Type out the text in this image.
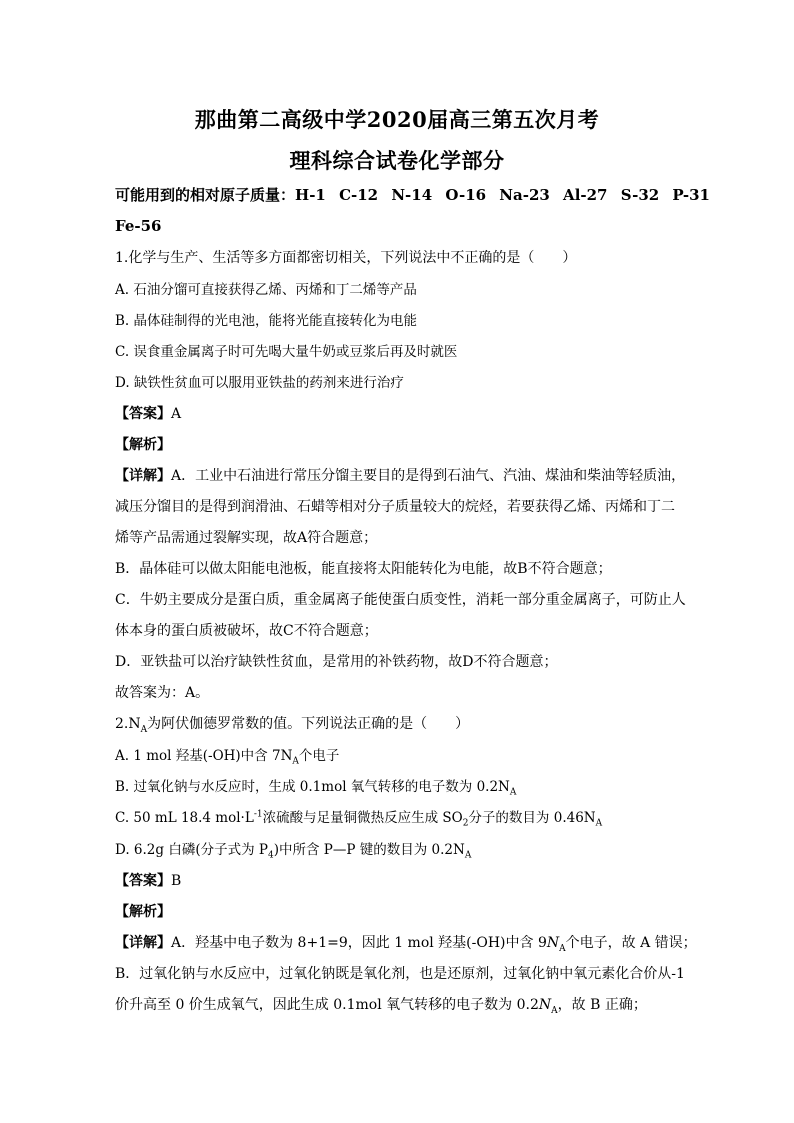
那曲第二高级中学2020届高三第五次月考
理科综合试卷化学部分
可能用到的相对原子质量：H-1 C-12 N-14 O-16 Na-23 Al-27 S-32 P-31
Fe-56
1.化学与生产、生活等多方面都密切相关，下列说法中不正确的是（　　）
A. 石油分馏可直接获得乙烯、丙烯和丁二烯等产品
B. 晶体硅制得的光电池，能将光能直接转化为电能
C. 误食重金属离子时可先喝大量牛奶或豆浆后再及时就医
D. 缺铁性贫血可以服用亚铁盐的药剂来进行治疗
【答案】A
【解析】
【详解】A．工业中石油进行常压分馏主要目的是得到石油气、汽油、煤油和柴油等轻质油，
减压分馏目的是得到润滑油、石蜡等相对分子质量较大的烷烃，若要获得乙烯、丙烯和丁二
烯等产品需通过裂解实现，故A符合题意；
B．晶体硅可以做太阳能电池板，能直接将太阳能转化为电能，故B不符合题意；
C．牛奶主要成分是蛋白质，重金属离子能使蛋白质变性，消耗一部分重金属离子，可防止人
体本身的蛋白质被破坏，故C不符合题意；
D．亚铁盐可以治疗缺铁性贫血，是常用的补铁药物，故D不符合题意；
故答案为：A。
$2.N_A$为阿伏伽德罗常数的值。下列说法正确的是（　　）
A. 1 mol 羟基(-OH)中含 $7N_A$个电子
B. 过氧化钠与水反应时，生成 0.1mol 氧气转移的电子数为 $0.2N_A$
C. 50 mL 18.4 $mol\cdot L^{-1}$浓硫酸与足量铜微热反应生成 $SO_2$分子的数目为 $0.46N_A$
D. 6.2g 白磷(分子式为 $P_4$)中所含 P—P 键的数目为 $0.2N_A$
【答案】B
【解析】
【详解】A．羟基中电子数为 8+1=9，因此 1 mol 羟基(-OH)中含 $9N_A$个电子，故 A 错误；
B．过氧化钠与水反应中，过氧化钠既是氧化剂，也是还原剂，过氧化钠中氧元素化合价从-1
价升高至 0 价生成氧气，因此生成 0.1mol 氧气转移的电子数为 $0.2N_A$，故 B 正确；
